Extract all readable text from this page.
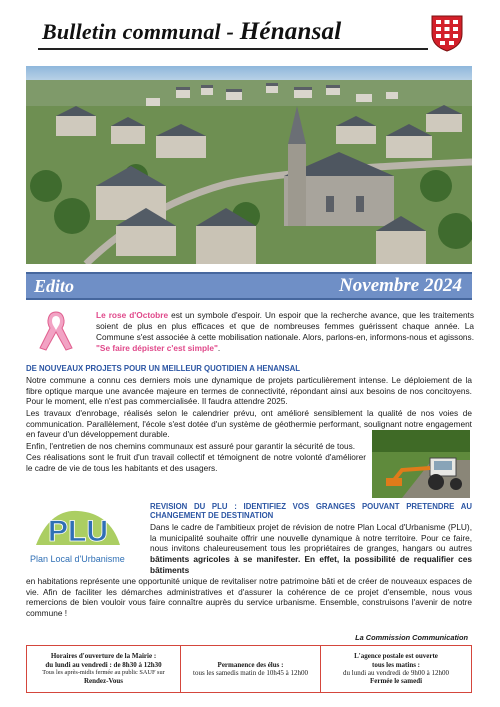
Bulletin communal - Hénansal
Edito	Novembre 2024
Le rose d'Octobre est un symbole d'espoir. Un espoir que la recherche avance, que les traitements soient de plus en plus efficaces et que de nombreuses femmes guérissent chaque année. La Commune s'est associée à cette mobilisation nationale. Alors, parlons-en, informons-nous et agissons. "Se faire dépister c'est simple".
DE NOUVEAUX PROJETS POUR UN MEILLEUR QUOTIDIEN A HENANSAL
Notre commune a connu ces derniers mois une dynamique de projets particulièrement intense. Le déploiement de la fibre optique marque une avancée majeure en termes de connectivité, répondant ainsi aux besoins de nos concitoyens. Pour le moment, elle n'est pas commercialisée. Il faudra attendre 2025.
Les travaux d'enrobage, réalisés selon le calendrier prévu, ont amélioré sensiblement la qualité de nos voies de communication. Parallèlement, l'école s'est dotée d'un système de géothermie performant, soulignant notre engagement en faveur d'un développement durable.
Enfin, l'entretien de nos chemins communaux est assuré pour garantir la sécurité de tous.
Ces réalisations sont le fruit d'un travail collectif et témoignent de notre volonté d'améliorer le cadre de vie de tous les habitants et des usagers.
REVISION DU PLU : IDENTIFIEZ VOS GRANGES POUVANT PRETENDRE AU CHANGEMENT DE DESTINATION
PLU
Plan Local d'Urbanisme
Dans le cadre de l'ambitieux projet de révision de notre Plan Local d'Urbanisme (PLU), la municipalité souhaite offrir une nouvelle dynamique à notre territoire. Pour ce faire, nous invitons chaleureusement tous les propriétaires de granges, hangars ou autres bâtiments agricoles à se manifester. En effet, la possibilité de requalifier ces bâtiments
en habitations représente une opportunité unique de revitaliser notre patrimoine bâti et de créer de nouveaux espaces de vie. Afin de faciliter les démarches administratives et d'assurer la cohérence de ce projet d'ensemble, nous vous remercions de bien vouloir vous faire connaître auprès du service urbanisme. Ensemble, construisons l'avenir de notre commune !
La Commission Communication
Horaires d'ouverture de la Mairie :
du lundi au vendredi : de 8h30 à 12h30
Tous les après-midis fermée au public SAUF sur
Rendez-Vous
Permanence des élus :
tous les samedis matin de 10h45 à 12h00
L'agence postale est ouverte
tous les matins :
du lundi au vendredi de 9h00 à 12h00
Fermée le samedi
